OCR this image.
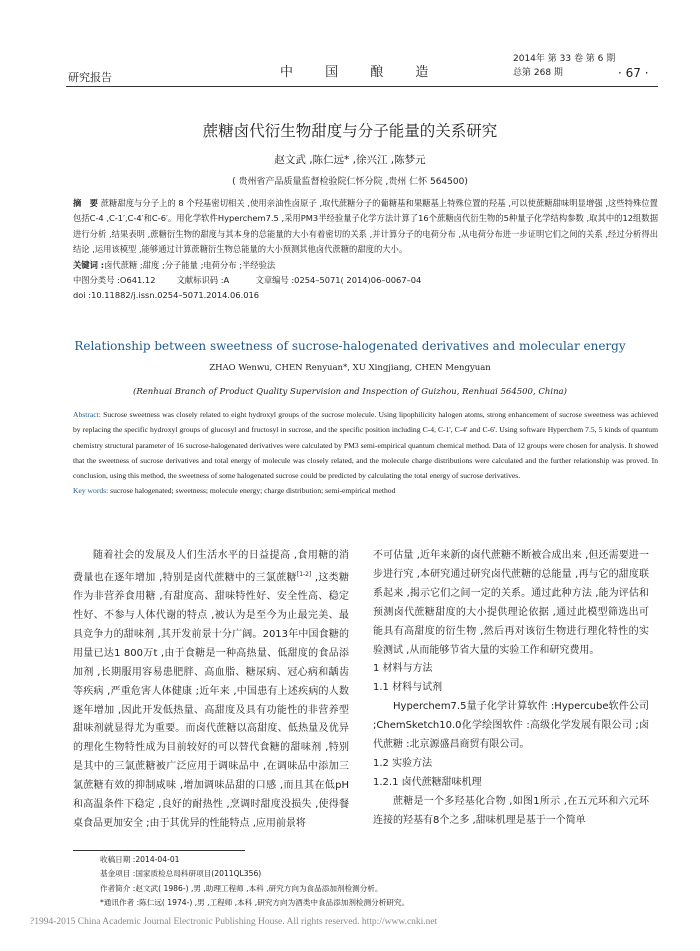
研究报告	中 国 酿 造
2014年 第 33 卷 第 6 期
总第 268 期	· 67 ·
蔗糖卤代衍生物甜度与分子能量的关系研究
赵文武 ,陈仁远* ,徐兴江 ,陈梦元
( 贵州省产品质量监督检验院仁怀分院 ,贵州 仁怀 564500)

摘　要 蔗糖甜度与分子上的 8 个羟基密切相关 ,使用亲油性卤原子 ,取代蔗糖分子的葡糖基和果糖基上特殊位置的羟基 ,可以使蔗糖甜味明显增强 ,这些特殊位置包括C-4 ,C-1′,C-4′和C-6′。用化学软件Hyperchem7.5 ,采用PM3半经验量子化学方法计算了16个蔗糖卤代衍生物的5种量子化学结构参数 ,取其中的12组数据进行分析 ,结果表明 ,蔗糖衍生物的甜度与其本身的总能量的大小有着密切的关系 ,并计算分子的电荷分布 ,从电荷分布进一步证明它们之间的关系 ,经过分析得出结论 ,运用该模型 ,能够通过计算蔗糖衍生物总能量的大小预测其他卤代蔗糖的甜度的大小。

关键词 :卤代蔗糖 ;甜度 ;分子能量 ;电荷分布 ;半经验法

中图分类号 :O641.12	文献标识码 :A	文章编号 :0254–5071( 2014)06–0067–04

doi :10.11882/j.issn.0254–5071.2014.06.016

Relationship between sweetness of sucrose-halogenated derivatives and molecular energy
ZHAO Wenwu, CHEN Renyuan*, XU Xingjiang, CHEN Mengyuan
(Renhuai Branch of Product Quality Supervision and Inspection of Guizhou, Renhuai 564500, China)

Abstract: Sucrose sweetness was closely related to eight hydroxyl groups of the sucrose molecule. Using lipophilicity halogen atoms, strong enhancement of sucrose sweetness was achieved by replacing the specific hydroxyl groups of glucosyl and fructosyl in sucrose, and the specific position including C-4, C-1', C-4' and C-6'. Using software Hyperchem 7.5, 5 kinds of quantum chemistry structural parameter of 16 sucrose-halogenated derivatives were calculated by PM3 semi-empirical quantum chemical method. Data of 12 groups were chosen for analysis. It showed that the sweetness of sucrose derivatives and total energy of molecule was closely related, and the molecule charge distributions were calculated and the further relationship was proved. In conclusion, using this method, the sweetness of some halogenated sucrose could be predicted by calculating the total energy of sucrose derivatives.

Key words: sucrose halogenated; sweetness; molecule energy; charge distribution; semi-empirical method

随着社会的发展及人们生活水平的日益提高 ,食用糖的消费量也在逐年增加 ,特别是卤代蔗糖中的三氯蔗糖[1-2] ,这类糖作为非营养食用糖 ,有甜度高、甜味特性好、安全性高、稳定性好、不参与人体代谢的特点 ,被认为是至今为止最完美、最具竞争力的甜味剂 ,其开发前景十分广阔。2013年中国食糖的用量已达1 800万t ,由于食糖是一种高热量、低甜度的食品添加剂 ,长期服用容易患肥胖、高血脂、糖尿病、冠心病和龋齿等疾病 ,严重危害人体健康 ;近年来 ,中国患有上述疾病的人数逐年增加 ,因此开发低热量、高甜度及具有功能性的非营养型甜味剂就显得尤为重要。而卤代蔗糖以高甜度、低热量及优异的理化生物特性成为目前较好的可以替代食糖的甜味剂 ,特别是其中的三氯蔗糖被广泛应用于调味品中 ,在调味品中添加三氯蔗糖有效的抑制咸味 ,增加调味品甜的口感 ,而且其在低pH和高温条件下稳定 ,良好的耐热性 ,烹调时甜度没损失 ,使得餐桌食品更加安全 ;由于其优异的性能特点 ,应用前景将

不可估量 ,近年来新的卤代蔗糖不断被合成出来 ,但还需要进一步进行究 ,本研究通过研究卤代蔗糖的总能量 ,再与它的甜度联系起来 ,揭示它们之间一定的关系。通过此种方法 ,能为评估和预测卤代蔗糖甜度的大小提供理论依据 ,通过此模型筛选出可能具有高甜度的衍生物 ,然后再对该衍生物进行理化特性的实验测试 ,从而能够节省大量的实验工作和研究费用。

1 材料与方法

1.1 材料与试剂

Hyperchem7.5量子化学计算软件 :Hypercube软件公司 ;ChemSketch10.0化学绘图软件 :高级化学发展有限公司 ;卤代蔗糖 :北京源盛昌商贸有限公司。

1.2 实验方法

1.2.1 卤代蔗糖甜味机理

蔗糖是一个多羟基化合物 ,如图1所示 ,在五元环和六元环连接的羟基有8个之多 ,甜味机理是基于一个简单

收稿日期 :2014-04-01

基金项目 :国家质检总局科研项目(2011QL356)

作者简介 :赵文武( 1986-) ,男 ,助理工程师 ,本科 ,研究方向为食品添加剂检测分析。

*通讯作者 :陈仁远( 1974-) ,男 ,工程师 ,本科 ,研究方向为酒类中食品添加剂检测分析研究。

?1994-2015 China Academic Journal Electronic Publishing House. All rights reserved. http://www.cnki.net
